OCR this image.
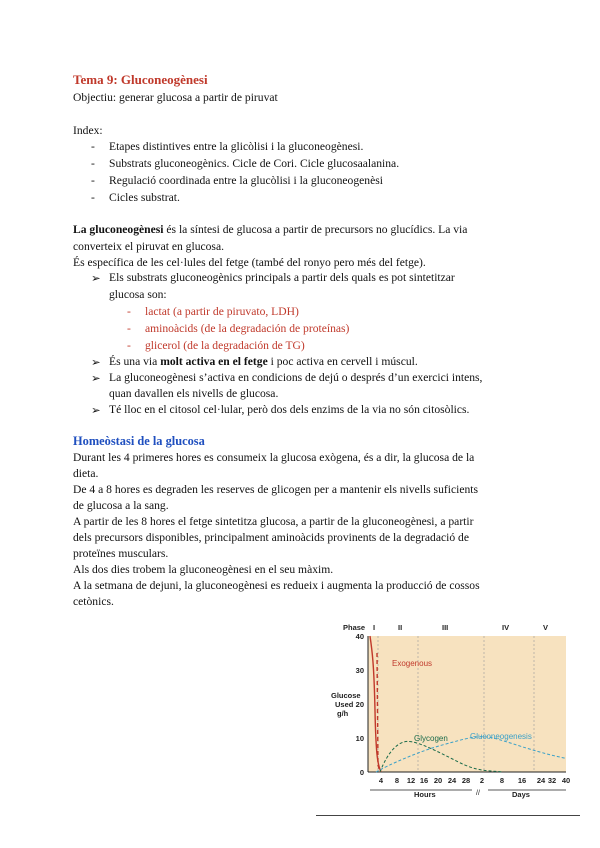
Tema 9: Gluconeogènesi
Objectiu: generar glucosa a partir de piruvat
Index:
- Etapes distintives entre la glicòlisi i la gluconeogènesi.
- Substrats gluconeogènics. Cicle de Cori. Cicle glucosaalanina.
- Regulació coordinada entre la glucòlisi i la gluconeogenèsi
- Cicles substrat.
La gluconeogènesi és la síntesi de glucosa a partir de precursors no glucídics. La via
converteix el piruvat en glucosa.
És específica de les cel·lules del fetge (també del ronyo pero més del fetge).
➢ Els substrats gluconeogènics principals a partir dels quals es pot sintetitzar
glucosa son:
- lactat (a partir de piruvato, LDH)
- aminoàcids (de la degradación de proteínas)
- glicerol (de la degradación de TG)
➢ És una via molt activa en el fetge i poc activa en cervell i múscul.
➢ La gluconeogènesi s’activa en condicions de dejú o després d’un exercici intens,
quan davallen els nivells de glucosa.
➢ Té lloc en el citosol cel·lular, però dos dels enzims de la via no són citosòlics.
Homeòstasi de la glucosa
Durant les 4 primeres hores es consumeix la glucosa exògena, és a dir, la glucosa de la
dieta.
De 4 a 8 hores es degraden les reserves de glicogen per a mantenir els nivells suficients
de glucosa a la sang.
A partir de les 8 hores el fetge sintetitza glucosa, a partir de la gluconeogènesi, a partir
dels precursors disponibles, principalment aminoàcids provinents de la degradació de
proteïnes musculars.
Als dos dies trobem la gluconeogènesi en el seu màxim.
A la setmana de dejuni, la gluconeogènesi es redueix i augmenta la producció de cossos
cetònics.
Phase I	II	III	IV	V
Glucose
Used
g/h
0
10
20
30
40
4 8 12 16 20 24 28 2 8 16 24 32 40
Exogenous
Glycogen	Gluconeogenesis
Hours	Days
//
